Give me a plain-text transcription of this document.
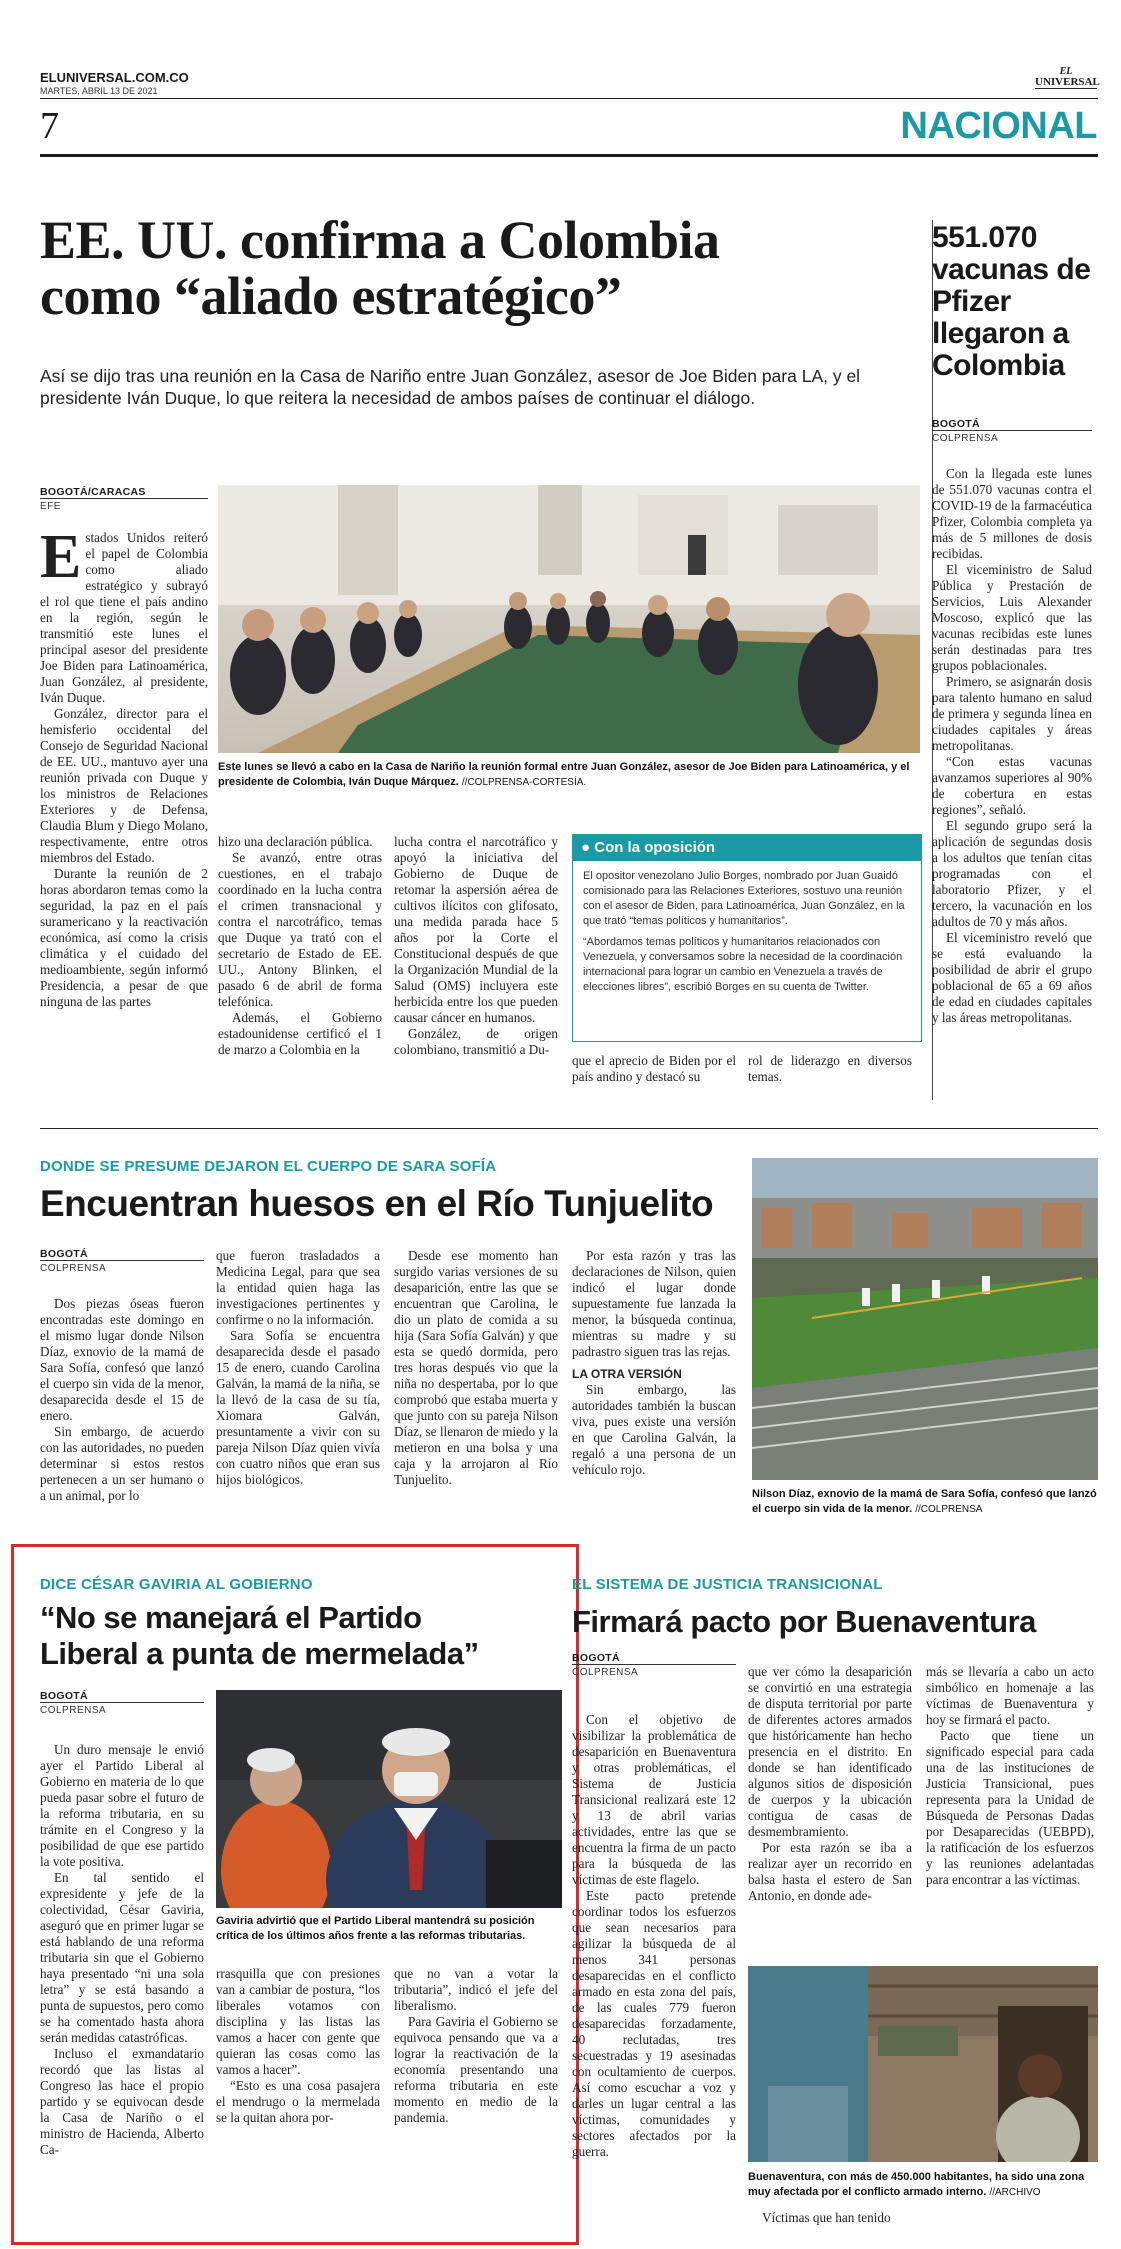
ELUNIVERSAL.COM.CO
MARTES, ABRIL 13 DE 2021
EL
UNIVERSAL
7	NACIONAL
EE. UU. confirma a Colombia
como “aliado estratégico”
Así se dijo tras una reunión en la Casa de Nariño entre Juan González, asesor de Joe Biden para LA, y el presidente Iván Duque, lo que reitera la necesidad de ambos países de continuar el diálogo.
BOGOTÁ/CARACAS
EFE

Estados Unidos reiteró el papel de Colombia como aliado estratégico y subrayó el rol que tiene el país andino en la región, según le transmitió este lunes el principal asesor del presidente Joe Biden para Latinoamérica, Juan González, al presidente, Iván Duque.

González, director para el hemisferio occidental del Consejo de Seguridad Nacional de EE. UU., mantuvo ayer una reunión privada con Duque y los ministros de Relaciones Exteriores y de Defensa, Claudia Blum y Diego Molano, respectivamente, entre otros miembros del Estado.

Durante la reunión de 2 horas abordaron temas como la seguridad, la paz en el país suramericano y la reactivación económica, así como la crisis climática y el cuidado del medioambiente, según informó Presidencia, a pesar de que ninguna de las partes

Este lunes se llevó a cabo en la Casa de Nariño la reunión formal entre Juan González, asesor de Joe Biden para Latinoamérica, y el presidente de Colombia, Iván Duque Márquez. //COLPRENSA-CORTESÍA.

hizo una declaración pública.

Se avanzó, entre otras cuestiones, en el trabajo coordinado en la lucha contra el crimen transnacional y contra el narcotráfico, temas que Duque ya trató con el secretario de Estado de EE. UU., Antony Blinken, el pasado 6 de abril de forma telefónica.

Además, el Gobierno estadounidense certificó el 1 de marzo a Colombia en la

lucha contra el narcotráfico y apoyó la iniciativa del Gobierno de Duque de retomar la aspersión aérea de cultivos ilícitos con glifosato, una medida parada hace 5 años por la Corte el Constitucional después de que la Organización Mundial de la Salud (OMS) incluyera este herbicida entre los que pueden causar cáncer en humanos.

González, de origen colombiano, transmitió a Du-

● Con la oposición

El opositor venezolano Julio Borges, nombrado por Juan Guaidó comisionado para las Relaciones Exteriores, sostuvo una reunión con el asesor de Biden, para Latinoamérica, Juan González, en la que trató “temas políticos y humanitarios”.

“Abordamos temas políticos y humanitarios relacionados con Venezuela, y conversamos sobre la necesidad de la coordinación internacional para lograr un cambio en Venezuela a través de elecciones libres”, escribió Borges en su cuenta de Twitter.

que el aprecio de Biden por el país andino y destacó su

rol de liderazgo en diversos temas.

551.070 vacunas de Pfizer llegaron a Colombia
BOGOTÁ
COLPRENSA

Con la llegada este lunes de 551.070 vacunas contra el COVID-19 de la farmacéutica Pfizer, Colombia completa ya más de 5 millones de dosis recibidas.

El viceministro de Salud Pública y Prestación de Servicios, Luis Alexander Moscoso, explicó que las vacunas recibidas este lunes serán destinadas para tres grupos poblacionales.

Primero, se asignarán dosis para talento humano en salud de primera y segunda línea en ciudades capitales y áreas metropolitanas.

“Con estas vacunas avanzamos superiores al 90% de cobertura en estas regiones”, señaló.

El segundo grupo será la aplicación de segundas dosis a los adultos que tenían citas programadas con el laboratorio Pfizer, y el tercero, la vacunación en los adultos de 70 y más años.

El viceministro reveló que se está evaluando la posibilidad de abrir el grupo poblacional de 65 a 69 años de edad en ciudades capitales y las áreas metropolitanas.

DONDE SE PRESUME DEJARON EL CUERPO DE SARA SOFÍA
Encuentran huesos en el Río Tunjuelito
BOGOTÁ
COLPRENSA

Dos piezas óseas fueron encontradas este domingo en el mismo lugar donde Nilson Díaz, exnovio de la mamá de Sara Sofía, confesó que lanzó el cuerpo sin vida de la menor, desaparecida desde el 15 de enero.

Sin embargo, de acuerdo con las autoridades, no pueden determinar si estos restos pertenecen a un ser humano o a un animal, por lo

que fueron trasladados a Medicina Legal, para que sea la entidad quien haga las investigaciones pertinentes y confirme o no la información.

Sara Sofía se encuentra desaparecida desde el pasado 15 de enero, cuando Carolina Galván, la mamá de la niña, se la llevó de la casa de su tía, Xiomara Galván, presuntamente a vivir con su pareja Nilson Díaz quien vivía con cuatro niños que eran sus hijos biológicos.

Desde ese momento han surgido varias versiones de su desaparición, entre las que se encuentran que Carolina, le dio un plato de comida a su hija (Sara Sofía Galván) y que esta se quedó dormida, pero tres horas después vio que la niña no despertaba, por lo que comprobó que estaba muerta y que junto con su pareja Nilson Díaz, se llenaron de miedo y la metieron en una bolsa y una caja y la arrojaron al Río Tunjuelito.

Por esta razón y tras las declaraciones de Nilson, quien indicó el lugar donde supuestamente fue lanzada la menor, la búsqueda continua, mientras su madre y su padrastro siguen tras las rejas.

LA OTRA VERSIÓN

Sin embargo, las autoridades también la buscan viva, pues existe una versión en que Carolina Galván, la regaló a una persona de un vehículo rojo.

Nilson Díaz, exnovio de la mamá de Sara Sofía, confesó que lanzó el cuerpo sin vida de la menor. //COLPRENSA
DICE CÉSAR GAVIRIA AL GOBIERNO
“No se manejará el Partido
Liberal a punta de mermelada”
BOGOTÁ
COLPRENSA

Un duro mensaje le envió ayer el Partido Liberal al Gobierno en materia de lo que pueda pasar sobre el futuro de la reforma tributaria, en su trámite en el Congreso y la posibilidad de que ese partido la vote positiva.

En tal sentido el expresidente y jefe de la colectividad, César Gaviria, aseguró que en primer lugar se está hablando de una reforma tributaria sin que el Gobierno haya presentado “ni una sola letra” y se está basando a punta de supuestos, pero como se ha comentado hasta ahora serán medidas catastróficas.

Incluso el exmandatario recordó que las listas al Congreso las hace el propio partido y se equivocan desde la Casa de Nariño o el ministro de Hacienda, Alberto Ca-

Gaviria advirtió que el Partido Liberal mantendrá su posición crítica de los últimos años frente a las reformas tributarias.

rrasquilla que con presiones van a cambiar de postura, “los liberales votamos con disciplina y las listas las vamos a hacer con gente que quieran las cosas como las vamos a hacer”.

“Esto es una cosa pasajera el mendrugo o la mermelada se la quitan ahora por-

que no van a votar la tributaria”, indicó el jefe del liberalismo.

Para Gaviria el Gobierno se equivoca pensando que va a lograr la reactivación de la economía presentando una reforma tributaria en este momento en medio de la pandemia.

EL SISTEMA DE JUSTICIA TRANSICIONAL
Firmará pacto por Buenaventura
BOGOTÁ
COLPRENSA

Con el objetivo de visibilizar la problemática de desaparición en Buenaventura y otras problemáticas, el Sistema de Justicia Transicional realizará este 12 y 13 de abril varias actividades, entre las que se encuentra la firma de un pacto para la búsqueda de las víctimas de este flagelo.

Este pacto pretende coordinar todos los esfuerzos que sean necesarios para agilizar la búsqueda de al menos 341 personas desaparecidas en el conflicto armado en esta zona del país, de las cuales 779 fueron desaparecidas forzadamente, 40 reclutadas, tres secuestradas y 19 asesinadas con ocultamiento de cuerpos. Así como escuchar a voz y darles un lugar central a las víctimas, comunidades y sectores afectados por la guerra.

que ver cómo la desaparición se convirtió en una estrategia de disputa territorial por parte de diferentes actores armados que históricamente han hecho presencia en el distrito. En donde se han identificado algunos sitios de disposición de cuerpos y la ubicación contigua de casas de desmembramiento.

Por esta razón se iba a realizar ayer un recorrido en balsa hasta el estero de San Antonio, en donde ade-

más se llevaría a cabo un acto simbólico en homenaje a las víctimas de Buenaventura y hoy se firmará el pacto.

Pacto que tiene un significado especial para cada una de las instituciones de Justicia Transicional, pues representa para la Unidad de Búsqueda de Personas Dadas por Desaparecidas (UEBPD), la ratificación de los esfuerzos y las reuniones adelantadas para encontrar a las víctimas.

Buenaventura, con más de 450.000 habitantes, ha sido una zona muy afectada por el conflicto armado interno. //ARCHIVO

Víctimas que han tenido
